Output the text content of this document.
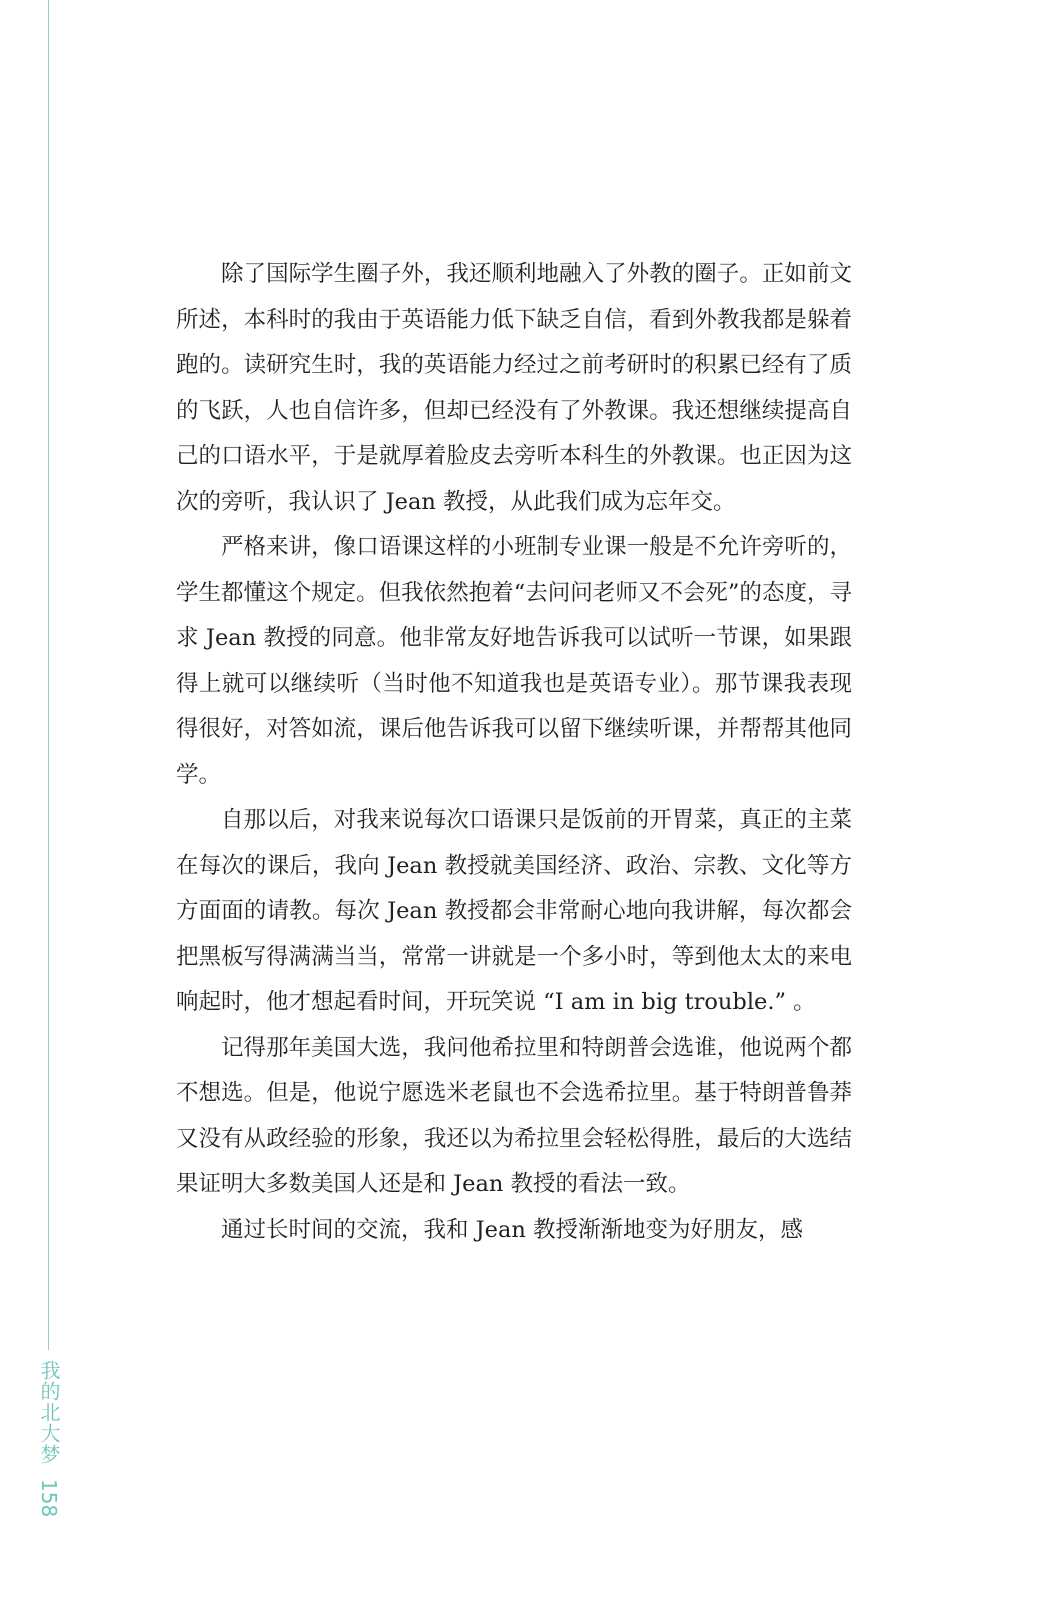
我的北大梦
158

除了国际学生圈子外，我还顺利地融入了外教的圈子。正如前文所述，本科时的我由于英语能力低下缺乏自信，看到外教我都是躲着跑的。读研究生时，我的英语能力经过之前考研时的积累已经有了质的飞跃，人也自信许多，但却已经没有了外教课。我还想继续提高自己的口语水平，于是就厚着脸皮去旁听本科生的外教课。也正因为这次的旁听，我认识了 Jean 教授，从此我们成为忘年交。

严格来讲，像口语课这样的小班制专业课一般是不允许旁听的，学生都懂这个规定。但我依然抱着“去问问老师又不会死”的态度，寻求 Jean 教授的同意。他非常友好地告诉我可以试听一节课，如果跟得上就可以继续听（当时他不知道我也是英语专业）。那节课我表现得很好，对答如流，课后他告诉我可以留下继续听课，并帮帮其他同学。

自那以后，对我来说每次口语课只是饭前的开胃菜，真正的主菜在每次的课后，我向 Jean 教授就美国经济、政治、宗教、文化等方方面面的请教。每次 Jean 教授都会非常耐心地向我讲解，每次都会把黑板写得满满当当，常常一讲就是一个多小时，等到他太太的来电响起时，他才想起看时间，开玩笑说 “I am in big trouble.” 。

记得那年美国大选，我问他希拉里和特朗普会选谁，他说两个都不想选。但是，他说宁愿选米老鼠也不会选希拉里。基于特朗普鲁莽又没有从政经验的形象，我还以为希拉里会轻松得胜，最后的大选结果证明大多数美国人还是和 Jean 教授的看法一致。

通过长时间的交流，我和 Jean 教授渐渐地变为好朋友，感
